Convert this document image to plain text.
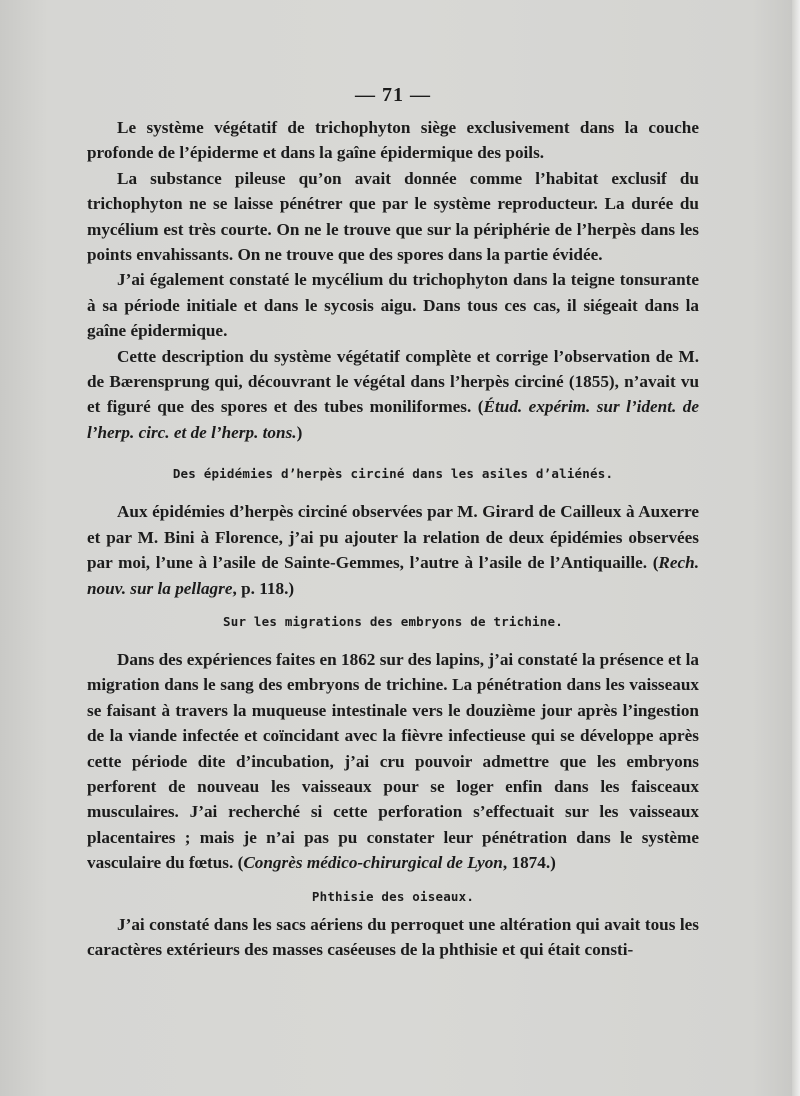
— 71 —

Le système végétatif de trichophyton siège exclusivement dans la couche profonde de l’épiderme et dans la gaîne épidermique des poils.

La substance pileuse qu’on avait donnée comme l’habitat exclusif du trichophyton ne se laisse pénétrer que par le système reproducteur. La durée du mycélium est très courte. On ne le trouve que sur la périphérie de l’herpès dans les points envahissants. On ne trouve que des spores dans la partie évidée.

J’ai également constaté le mycélium du trichophyton dans la teigne tonsurante à sa période initiale et dans le sycosis aigu. Dans tous ces cas, il siégeait dans la gaîne épidermique.

Cette description du système végétatif complète et corrige l’observation de M. de Bærensprung qui, découvrant le végétal dans l’herpès circiné (1855), n’avait vu et figuré que des spores et des tubes moniliformes. (Étud. expérim. sur l’ident. de l’herp. circ. et de l’herp. tons.)

Des épidémies d’herpès circiné dans les asiles d’aliénés.

Aux épidémies d’herpès circiné observées par M. Girard de Cailleux à Auxerre et par M. Bini à Florence, j’ai pu ajouter la relation de deux épidémies observées par moi, l’une à l’asile de Sainte-Gemmes, l’autre à l’asile de l’Antiquaille. (Rech. nouv. sur la pellagre, p. 118.)

Sur les migrations des embryons de trichine.

Dans des expériences faites en 1862 sur des lapins, j’ai constaté la présence et la migration dans le sang des embryons de trichine. La pénétration dans les vaisseaux se faisant à travers la muqueuse intestinale vers le douzième jour après l’ingestion de la viande infectée et coïncidant avec la fièvre infectieuse qui se développe après cette période dite d’incubation, j’ai cru pouvoir admettre que les embryons perforent de nouveau les vaisseaux pour se loger enfin dans les faisceaux musculaires. J’ai recherché si cette perforation s’effectuait sur les vaisseaux placentaires ; mais je n’ai pas pu constater leur pénétration dans le système vasculaire du fœtus. (Congrès médico-chirurgical de Lyon, 1874.)

Phthisie des oiseaux.

J’ai constaté dans les sacs aériens du perroquet une altération qui avait tous les caractères extérieurs des masses caséeuses de la phthisie et qui était consti-
